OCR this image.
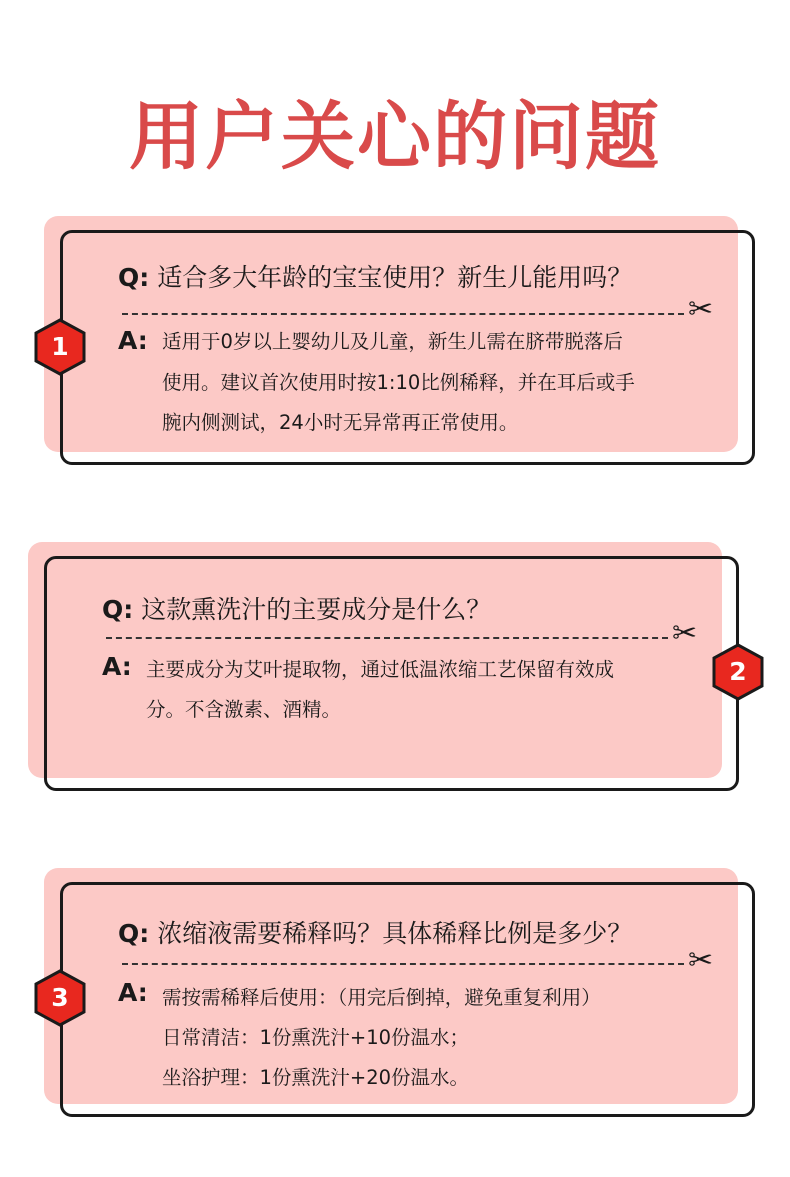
用户关心的问题
Q: 适合多大年龄的宝宝使用？新生儿能用吗？
✂
A: 适用于0岁以上婴幼儿及儿童，新生儿需在脐带脱落后
使用。建议首次使用时按1:10比例稀释，并在耳后或手
腕内侧测试，24小时无异常再正常使用。
1
Q: 这款熏洗汁的主要成分是什么？
✂
A: 主要成分为艾叶提取物，通过低温浓缩工艺保留有效成
分。不含激素、酒精。
2
Q: 浓缩液需要稀释吗？具体稀释比例是多少？
✂
A: 需按需稀释后使用：（用完后倒掉，避免重复利用）
日常清洁：1份熏洗汁+10份温水；
坐浴护理：1份熏洗汁+20份温水。
3
